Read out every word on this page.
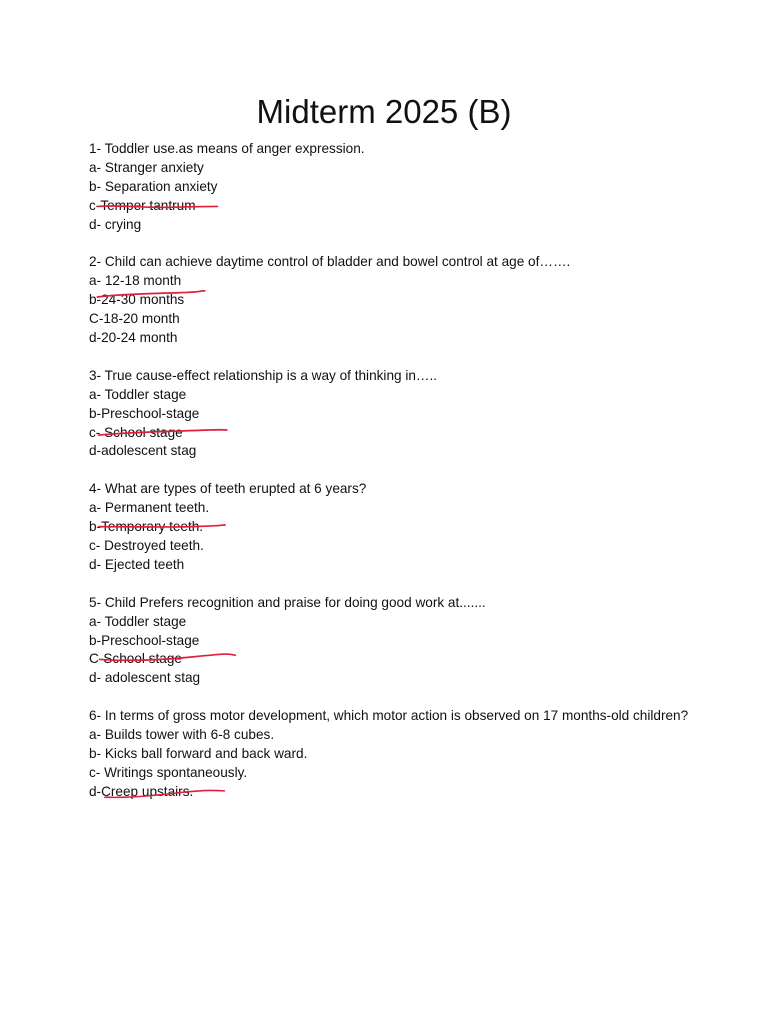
Midterm 2025 (B)
1- Toddler use.as means of anger expression.
a- Stranger anxiety
b- Separation anxiety
c-Temper tantrum
d- crying
2- Child can achieve daytime control of bladder and bowel control at age of…….
a- 12-18 month
b-24-30 months
C-18-20 month
d-20-24 month
3- True cause-effect relationship is a way of thinking in…..
a- Toddler stage
b-Preschool-stage
c- School stage
d-adolescent stag
4- What are types of teeth erupted at 6 years?
a- Permanent teeth.
b-Temporary teeth.
c- Destroyed teeth.
d- Ejected teeth
5- Child Prefers recognition and praise for doing good work at.......
a- Toddler stage
b-Preschool-stage
C-School stage
d- adolescent stag
6- In terms of gross motor development, which motor action is observed on 17 months-old children?
a- Builds tower with 6-8 cubes.
b- Kicks ball forward and back ward.
c- Writings spontaneously.
d-Creep upstairs.
